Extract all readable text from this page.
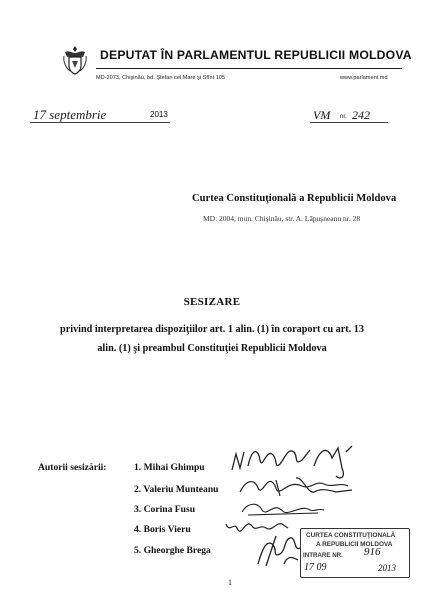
DEPUTAT ÎN PARLAMENTUL REPUBLICII MOLDOVA
MD-2073, Chişinău, bd. Ştefan cel Mare şi Sfînt 105	www.parlament.md
17 septembrie	2013	VM nr. 242
Curtea Constituţională a Republicii Moldova
MD: 2004, mun. Chişinău, str. A. Lăpuşneanu nr. 28
SESIZARE
privind interpretarea dispoziţiilor art. 1 alin. (1) în coraport cu art. 13
alin. (1) şi preambul Constituţiei Republicii Moldova
Autorii sesizării:	1. Mihai Ghimpu
2. Valeriu Munteanu
3. Corina Fusu
4. Boris Vieru
5. Gheorghe Brega
CURTEA CONSTITUŢIONALĂ
A REPUBLICII MOLDOVA
INTRARE NR. 916
17 09	2013
1
